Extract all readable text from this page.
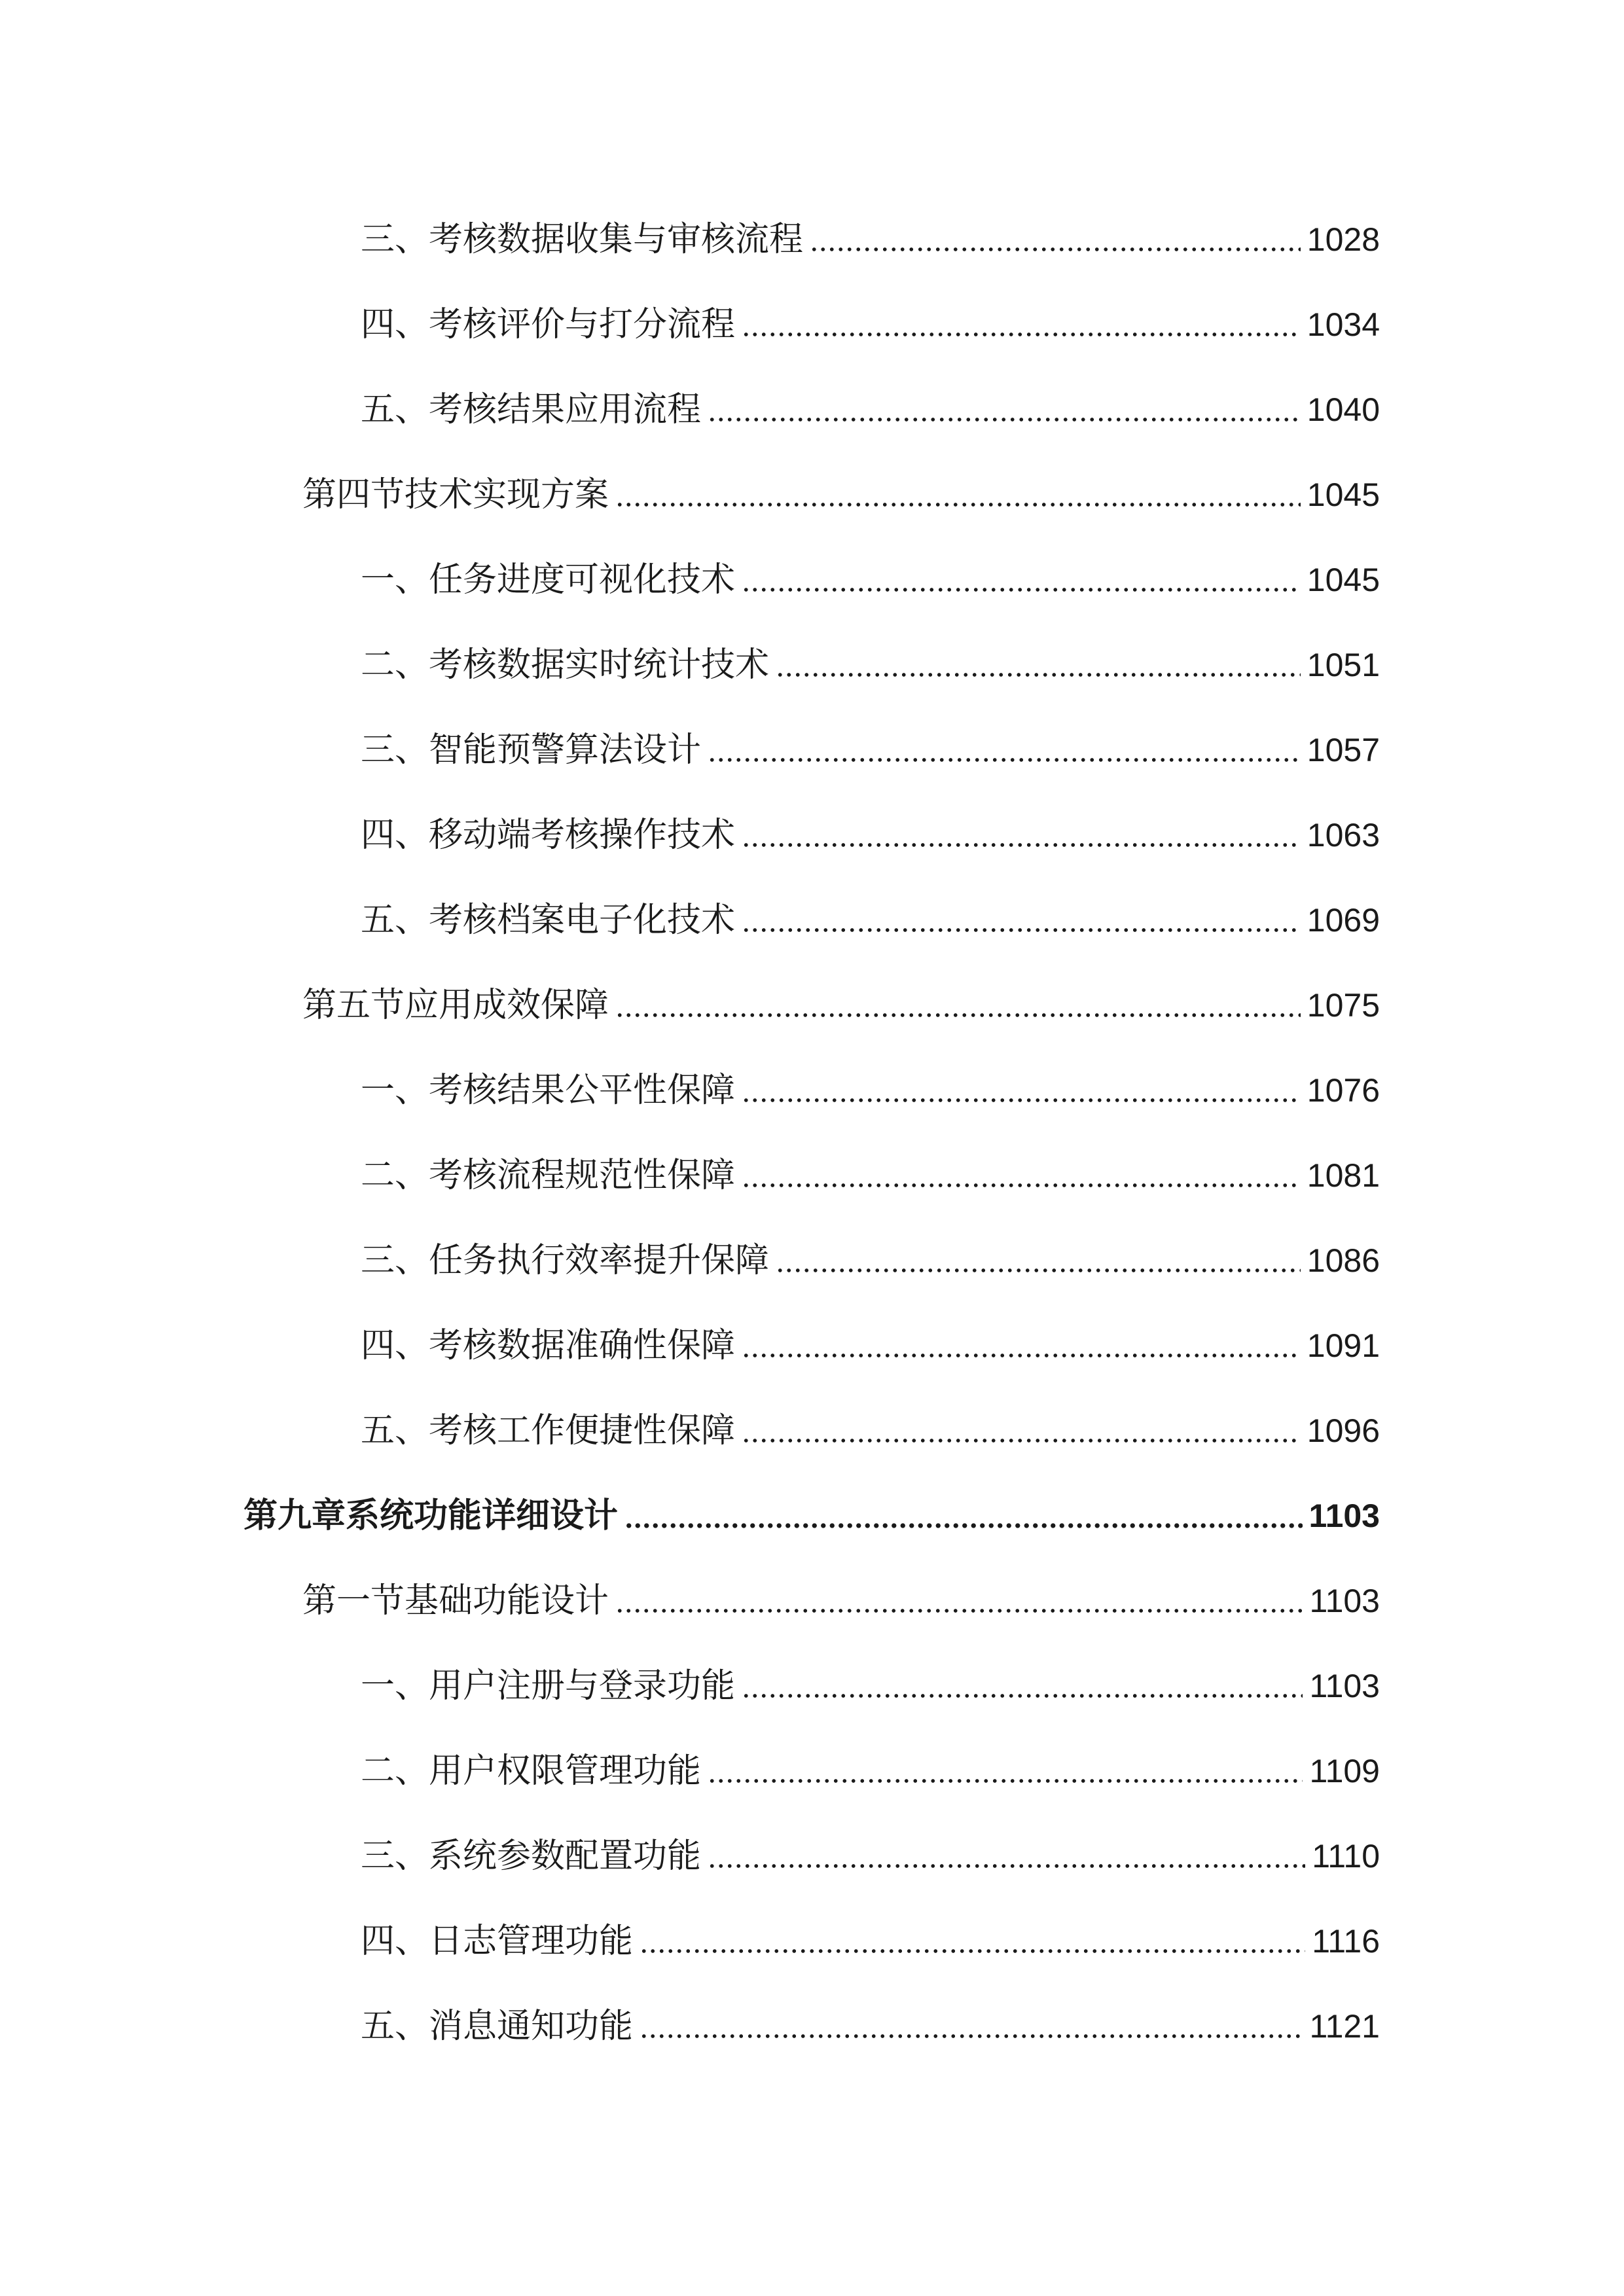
三、考核数据收集与审核流程	1028
四、考核评价与打分流程	1034
五、考核结果应用流程	1040
第四节技术实现方案	1045
一、任务进度可视化技术	1045
二、考核数据实时统计技术	1051
三、智能预警算法设计	1057
四、移动端考核操作技术	1063
五、考核档案电子化技术	1069
第五节应用成效保障	1075
一、考核结果公平性保障	1076
二、考核流程规范性保障	1081
三、任务执行效率提升保障	1086
四、考核数据准确性保障	1091
五、考核工作便捷性保障	1096
第九章系统功能详细设计	1103
第一节基础功能设计	1103
一、用户注册与登录功能	1103
二、用户权限管理功能	1109
三、系统参数配置功能	1110
四、日志管理功能	1116
五、消息通知功能	1121
